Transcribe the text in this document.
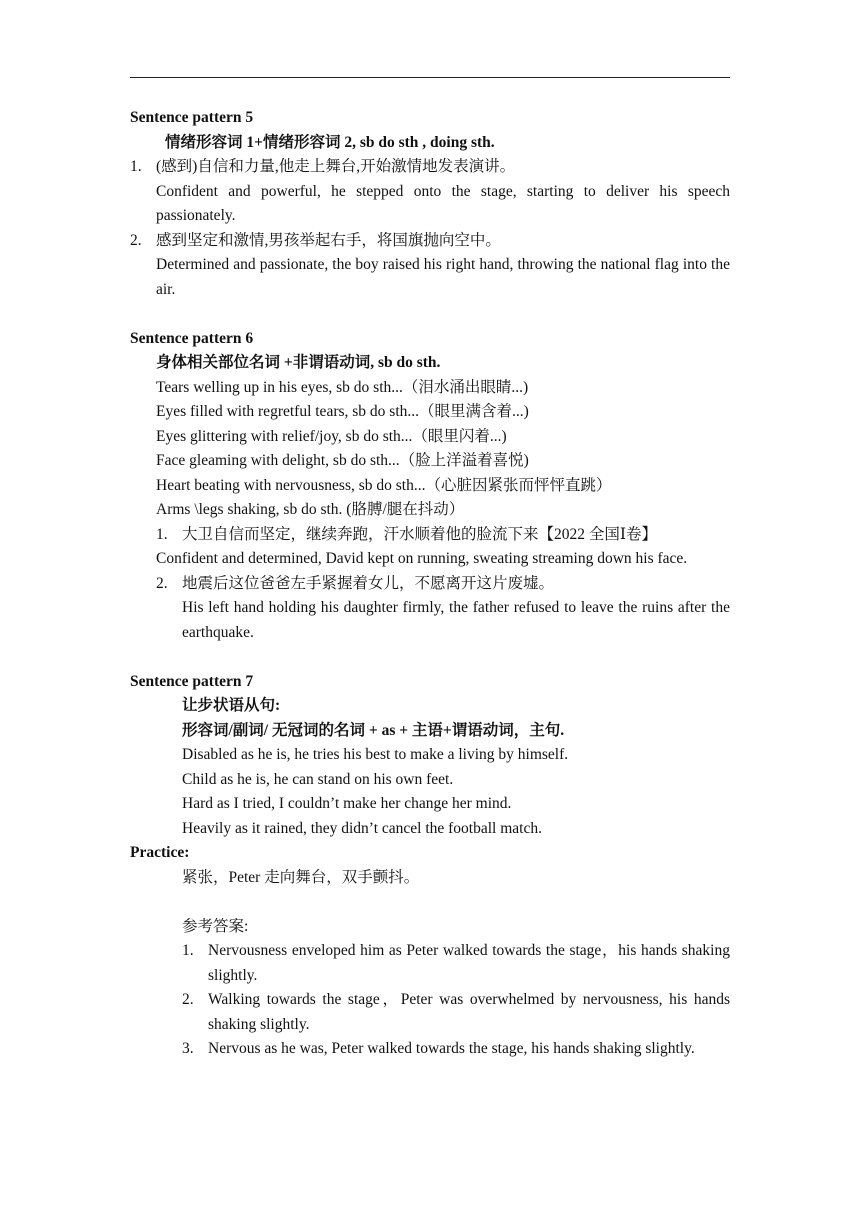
Sentence pattern 5
情绪形容词 1+情绪形容词 2, sb do sth , doing sth.
1. (感到)自信和力量,他走上舞台,开始激情地发表演讲。
Confident and powerful, he stepped onto the stage, starting to deliver his speech passionately.
2. 感到坚定和激情,男孩举起右手，将国旗抛向空中。
Determined and passionate, the boy raised his right hand, throwing the national flag into the air.
Sentence pattern 6
身体相关部位名词 +非谓语动词, sb do sth.
Tears welling up in his eyes, sb do sth...（泪水涌出眼睛...)
Eyes filled with regretful tears, sb do sth...（眼里满含着...)
Eyes glittering with relief/joy, sb do sth...（眼里闪着...)
Face gleaming with delight, sb do sth...（脸上洋溢着喜悦)
Heart beating with nervousness, sb do sth...（心脏因紧张而怦怦直跳）
Arms \legs shaking, sb do sth. (胳膊/腿在抖动）
1. 大卫自信而坚定，继续奔跑，汗水顺着他的脸流下来【2022 全国Ⅰ卷】
Confident and determined, David kept on running, sweating streaming down his face.
2. 地震后这位爸爸左手紧握着女儿，不愿离开这片废墟。
His left hand holding his daughter firmly, the father refused to leave the ruins after the earthquake.
Sentence pattern 7
让步状语从句:
形容词/副词/ 无冠词的名词 + as + 主语+谓语动词，主句.
Disabled as he is, he tries his best to make a living by himself.
Child as he is, he can stand on his own feet.
Hard as I tried, I couldn’t make her change her mind.
Heavily as it rained, they didn’t cancel the football match.
Practice:
紧张，Peter 走向舞台，双手颤抖。
参考答案:
1. Nervousness enveloped him as Peter walked towards the stage，his hands shaking slightly.
2. Walking towards the stage，Peter was overwhelmed by nervousness, his hands shaking slightly.
3. Nervous as he was, Peter walked towards the stage, his hands shaking slightly.
